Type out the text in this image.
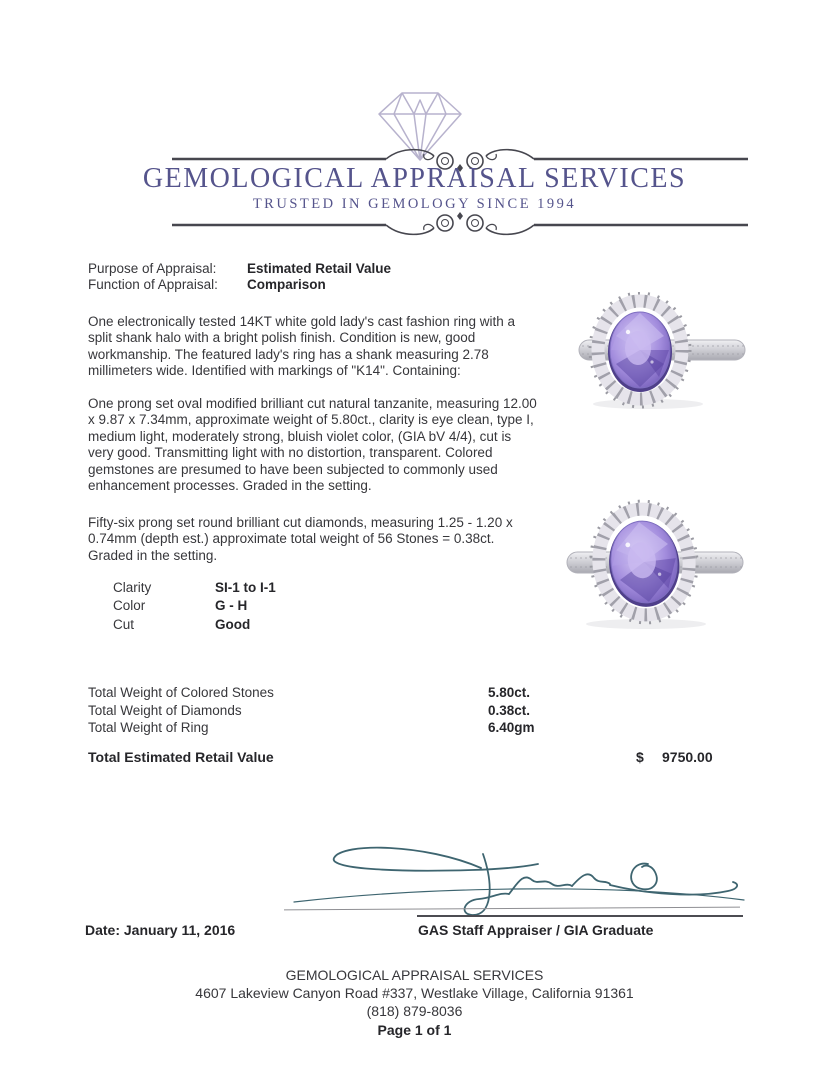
GEMOLOGICAL APPRAISAL SERVICES
TRUSTED IN GEMOLOGY SINCE 1994
Purpose of Appraisal:	Estimated Retail Value
Function of Appraisal:	Comparison
One electronically tested 14KT white gold lady's cast fashion ring with a split shank halo with a bright polish finish. Condition is new, good workmanship. The featured lady's ring has a shank measuring 2.78 millimeters wide. Identified with markings of "K14". Containing:
One prong set oval modified brilliant cut natural tanzanite, measuring 12.00 x 9.87 x 7.34mm, approximate weight of 5.80ct., clarity is eye clean, type I, medium light, moderately strong, bluish violet color, (GIA bV 4/4), cut is very good. Transmitting light with no distortion, transparent. Colored gemstones are presumed to have been subjected to commonly used enhancement processes. Graded in the setting.
Fifty-six prong set round brilliant cut diamonds, measuring 1.25 - 1.20 x 0.74mm (depth est.) approximate total weight of 56 Stones = 0.38ct. Graded in the setting.
Clarity	SI-1 to I-1
Color	G - H
Cut	Good
Total Weight of Colored Stones	5.80ct.
Total Weight of Diamonds	0.38ct.
Total Weight of Ring	6.40gm
Total Estimated Retail Value	$ 9750.00
Date: January 11, 2016	GAS Staff Appraiser / GIA Graduate
GEMOLOGICAL APPRAISAL SERVICES
4607 Lakeview Canyon Road #337, Westlake Village, California 91361
(818) 879-8036
Page 1 of 1
